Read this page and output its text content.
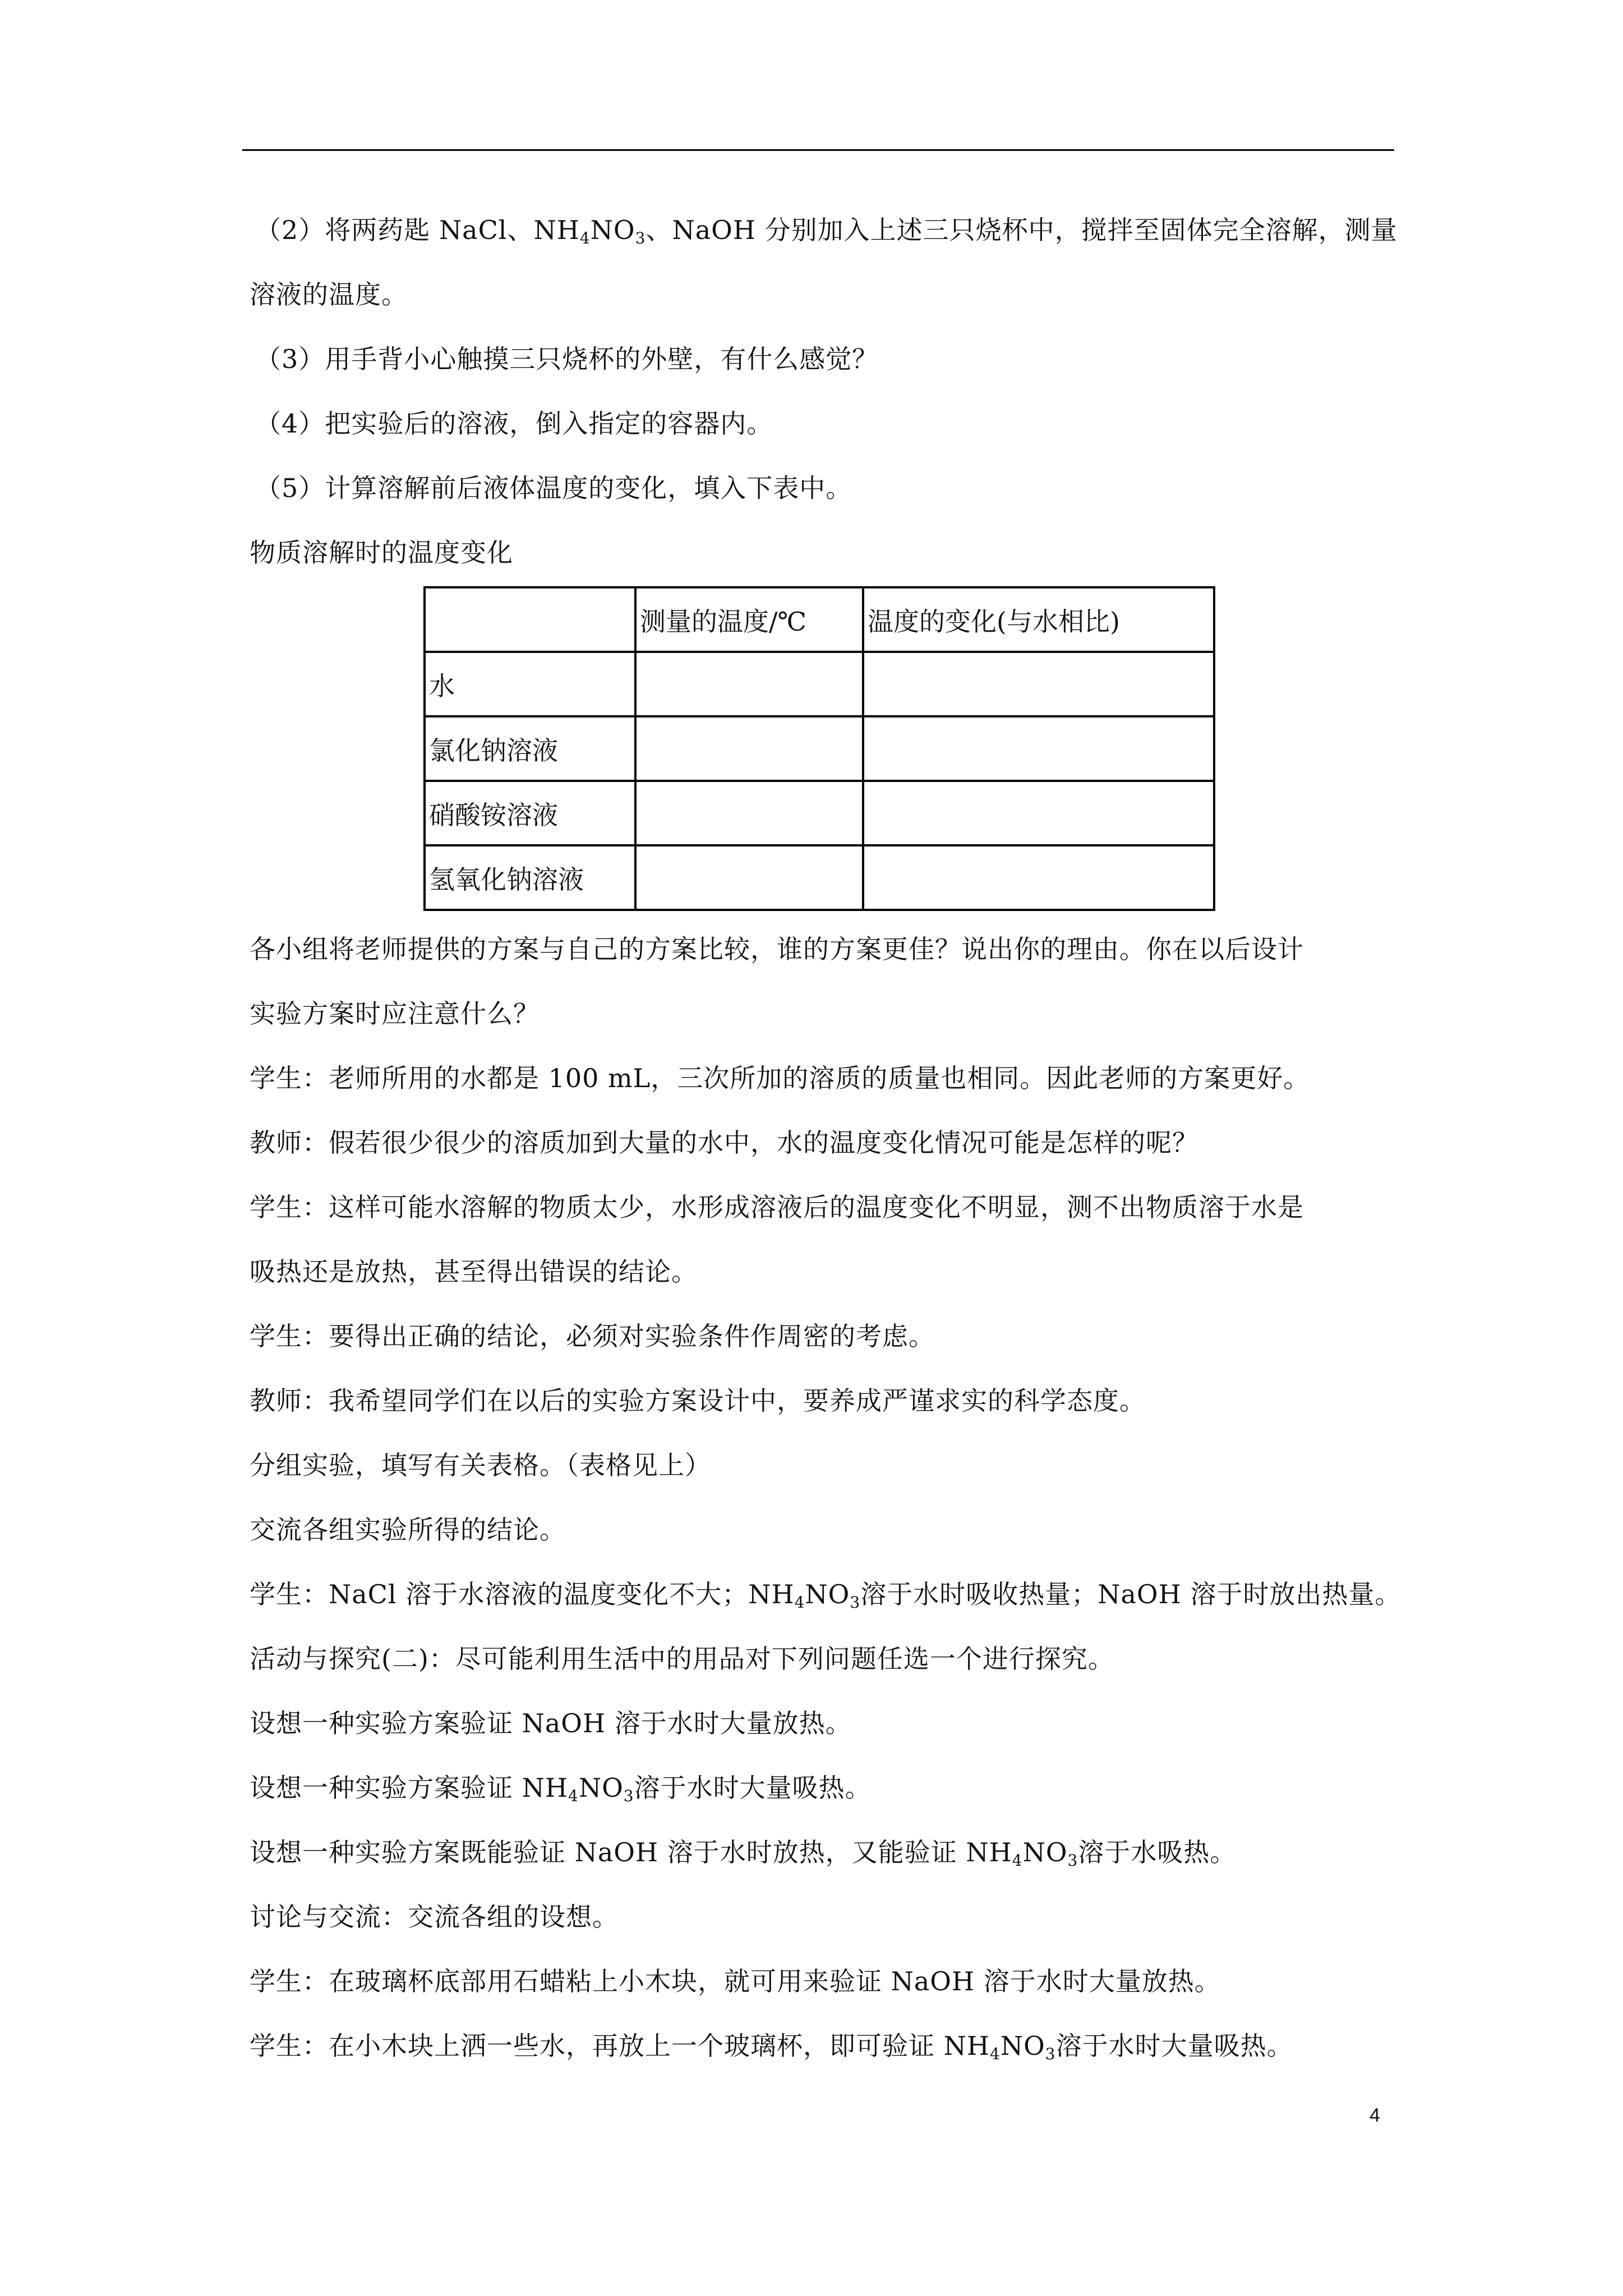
（2）将两药匙 NaCl、$NH_4NO_3$、NaOH 分别加入上述三只烧杯中，搅拌至固体完全溶解，测量
溶液的温度。
（3）用手背小心触摸三只烧杯的外壁，有什么感觉？
（4）把实验后的溶液，倒入指定的容器内。
（5）计算溶解前后液体温度的变化，填入下表中。
物质溶解时的温度变化
	测量的温度/℃	温度的变化(与水相比)
水		
氯化钠溶液		
硝酸铵溶液		
氢氧化钠溶液		
各小组将老师提供的方案与自己的方案比较，谁的方案更佳？说出你的理由。你在以后设计
实验方案时应注意什么？
学生：老师所用的水都是 100 mL，三次所加的溶质的质量也相同。因此老师的方案更好。
教师：假若很少很少的溶质加到大量的水中，水的温度变化情况可能是怎样的呢？
学生：这样可能水溶解的物质太少，水形成溶液后的温度变化不明显，测不出物质溶于水是
吸热还是放热，甚至得出错误的结论。
学生：要得出正确的结论，必须对实验条件作周密的考虑。
教师：我希望同学们在以后的实验方案设计中，要养成严谨求实的科学态度。
分组实验，填写有关表格。（表格见上）
交流各组实验所得的结论。
学生：NaCl 溶于水溶液的温度变化不大；$NH_4NO_3$溶于水时吸收热量；NaOH 溶于时放出热量。
活动与探究(二)：尽可能利用生活中的用品对下列问题任选一个进行探究。
设想一种实验方案验证 NaOH 溶于水时大量放热。
设想一种实验方案验证 $NH_4NO_3$溶于水时大量吸热。
设想一种实验方案既能验证 NaOH 溶于水时放热，又能验证 $NH_4NO_3$溶于水吸热。
讨论与交流：交流各组的设想。
学生：在玻璃杯底部用石蜡粘上小木块，就可用来验证 NaOH 溶于水时大量放热。
学生：在小木块上洒一些水，再放上一个玻璃杯，即可验证 $NH_4NO_3$溶于水时大量吸热。
4
